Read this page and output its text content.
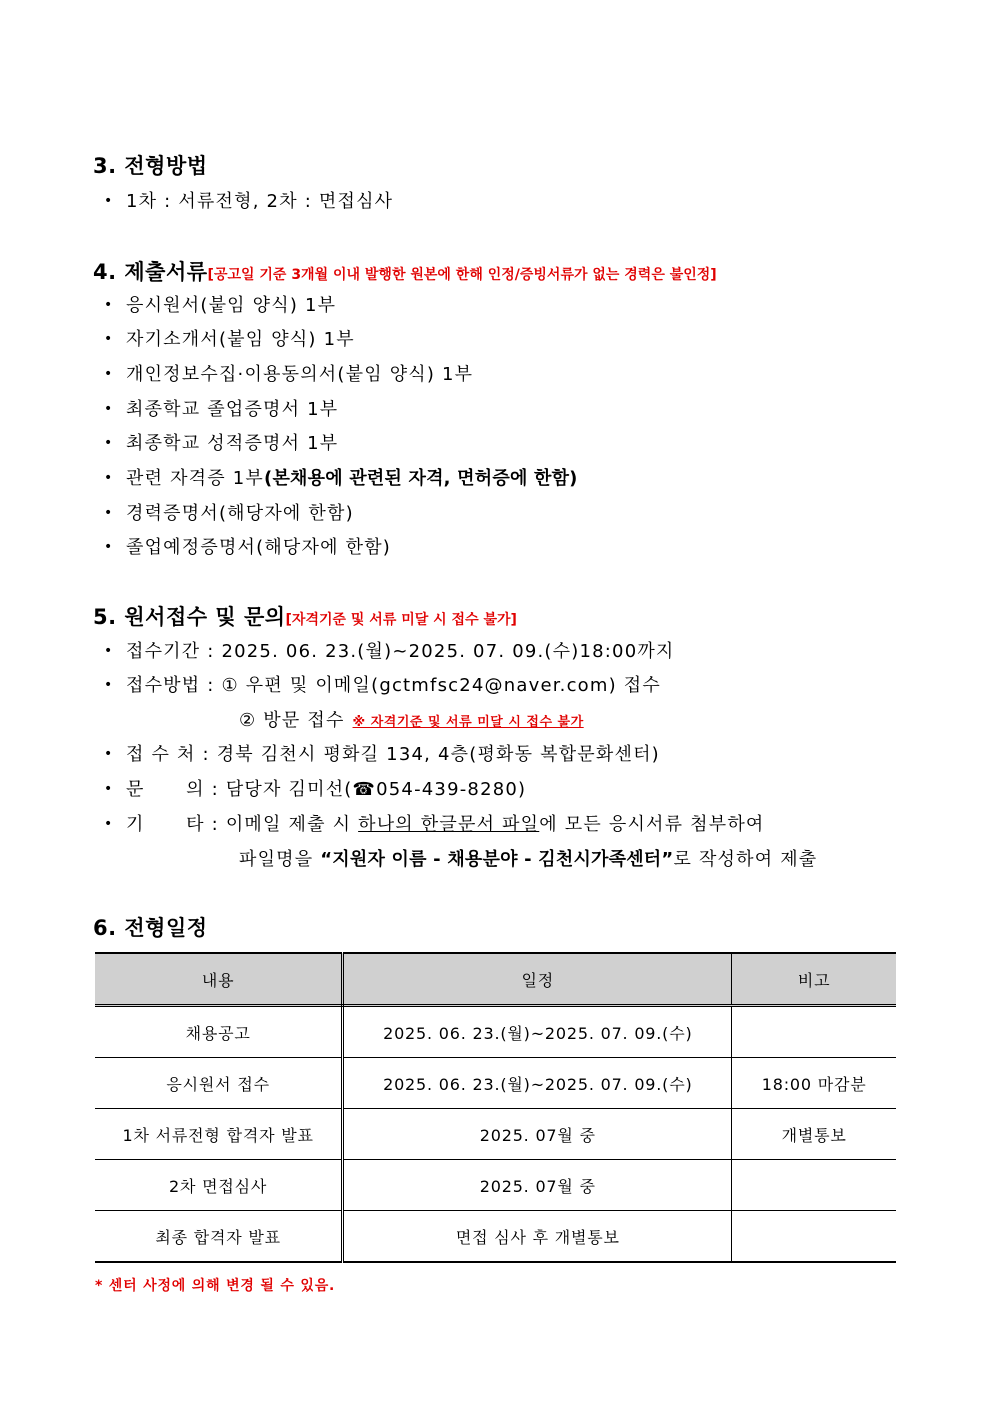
3. 전형방법
• 1차 : 서류전형, 2차 : 면접심사
4. 제출서류[공고일 기준 3개월 이내 발행한 원본에 한해 인정/증빙서류가 없는 경력은 불인정]
• 응시원서(붙임 양식) 1부
• 자기소개서(붙임 양식) 1부
• 개인정보수집·이용동의서(붙임 양식) 1부
• 최종학교 졸업증명서 1부
• 최종학교 성적증명서 1부
• 관련 자격증 1부(본채용에 관련된 자격, 면허증에 한함)
• 경력증명서(해당자에 한함)
• 졸업예정증명서(해당자에 한함)
5. 원서접수 및 문의[자격기준 및 서류 미달 시 접수 불가]
• 접수기간 : 2025. 06. 23.(월)~2025. 07. 09.(수)18:00까지
• 접수방법 : ① 우편 및 이메일(gctmfsc24@naver.com) 접수
② 방문 접수 ※ 자격기준 및 서류 미달 시 접수 불가
• 접 수 처 : 경북 김천시 평화길 134, 4층(평화동 복합문화센터)
• 문      의 : 담당자 김미선(☎054-439-8280)
• 기      타 : 이메일 제출 시 하나의 한글문서 파일에 모든 응시서류 첨부하여
파일명을 “지원자 이름 - 채용분야 - 김천시가족센터”로 작성하여 제출
6. 전형일정
내용	일정	비고
채용공고	2025. 06. 23.(월)~2025. 07. 09.(수)	
응시원서 접수	2025. 06. 23.(월)~2025. 07. 09.(수)	18:00 마감분
1차 서류전형 합격자 발표	2025. 07월 중	개별통보
2차 면접심사	2025. 07월 중	
최종 합격자 발표	면접 심사 후 개별통보	
* 센터 사정에 의해 변경 될 수 있음.
